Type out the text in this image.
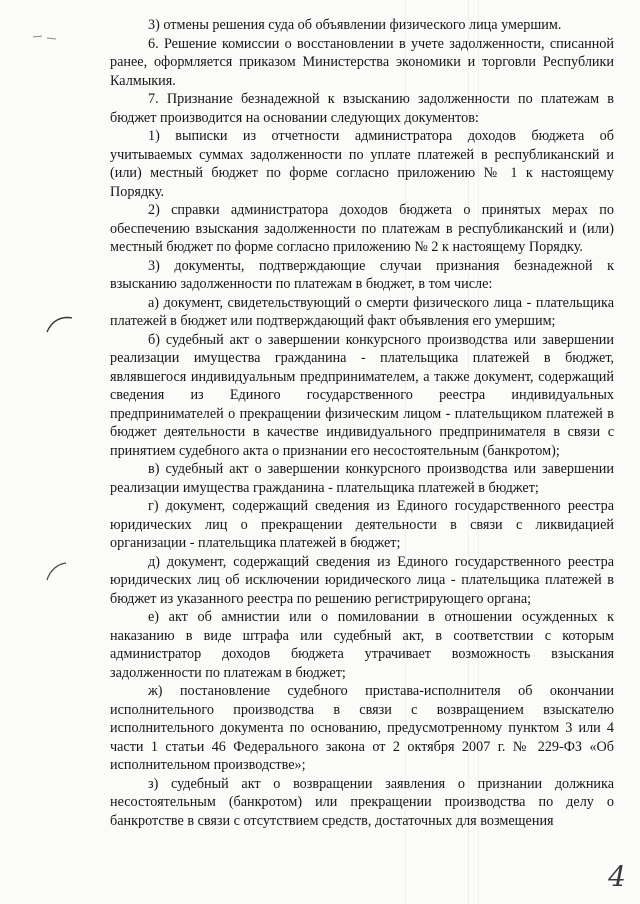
3) отмены решения суда об объявлении физического лица умершим.

6. Решение комиссии о восстановлении в учете задолженности, списанной ранее, оформляется приказом Министерства экономики и торговли Республики Калмыкия.

7. Признание безнадежной к взысканию задолженности по платежам в бюджет производится на основании следующих документов:

1) выписки из отчетности администратора доходов бюджета об учитываемых суммах задолженности по уплате платежей в республиканский и (или) местный бюджет по форме согласно приложению № 1 к настоящему Порядку.

2) справки администратора доходов бюджета о принятых мерах по обеспечению взыскания задолженности по платежам в республиканский и (или) местный бюджет по форме согласно приложению № 2 к настоящему Порядку.

3) документы, подтверждающие случаи признания безнадежной к взысканию задолженности по платежам в бюджет, в том числе:

а) документ, свидетельствующий о смерти физического лица - плательщика платежей в бюджет или подтверждающий факт объявления его умершим;

б) судебный акт о завершении конкурсного производства или завершении реализации имущества гражданина - плательщика платежей в бюджет, являвшегося индивидуальным предпринимателем, а также документ, содержащий сведения из Единого государственного реестра индивидуальных предпринимателей о прекращении физическим лицом - плательщиком платежей в бюджет деятельности в качестве индивидуального предпринимателя в связи с принятием судебного акта о признании его несостоятельным (банкротом);

в) судебный акт о завершении конкурсного производства или завершении реализации имущества гражданина - плательщика платежей в бюджет;

г) документ, содержащий сведения из Единого государственного реестра юридических лиц о прекращении деятельности в связи с ликвидацией организации - плательщика платежей в бюджет;

д) документ, содержащий сведения из Единого государственного реестра юридических лиц об исключении юридического лица - плательщика платежей в бюджет из указанного реестра по решению регистрирующего органа;

е) акт об амнистии или о помиловании в отношении осужденных к наказанию в виде штрафа или судебный акт, в соответствии с которым администратор доходов бюджета утрачивает возможность взыскания задолженности по платежам в бюджет;

ж) постановление судебного пристава-исполнителя об окончании исполнительного производства в связи с возвращением взыскателю исполнительного документа по основанию, предусмотренному пунктом 3 или 4 части 1 статьи 46 Федерального закона от 2 октября 2007 г. № 229-ФЗ «Об исполнительном производстве»;

з) судебный акт о возвращении заявления о признании должника несостоятельным (банкротом) или прекращении производства по делу о банкротстве в связи с отсутствием средств, достаточных для возмещения

4
